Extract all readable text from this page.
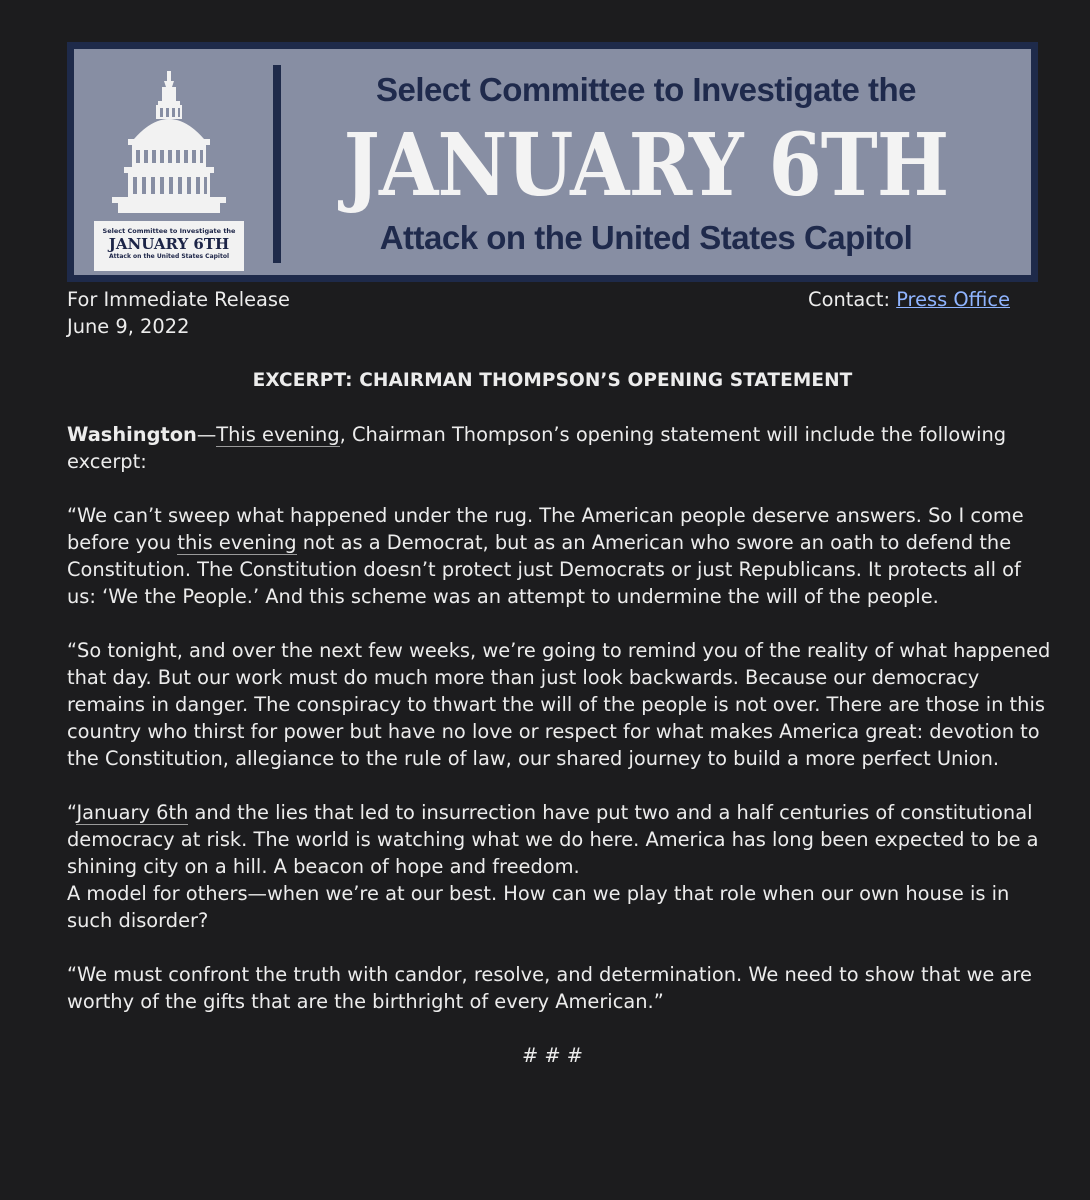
Select Committee to Investigate the
JANUARY 6TH
Attack on the United States Capitol
Select Committee to Investigate the
JANUARY 6TH
Attack on the United States Capitol
For Immediate Release
June 9, 2022
Contact: Press Office
EXCERPT: CHAIRMAN THOMPSON’S OPENING STATEMENT

Washington—This evening, Chairman Thompson’s opening statement will include the following excerpt:

“We can’t sweep what happened under the rug. The American people deserve answers. So I come before you this evening not as a Democrat, but as an American who swore an oath to defend the Constitution. The Constitution doesn’t protect just Democrats or just Republicans. It protects all of us: ‘We the People.’ And this scheme was an attempt to undermine the will of the people.

“So tonight, and over the next few weeks, we’re going to remind you of the reality of what happened that day. But our work must do much more than just look backwards. Because our democracy remains in danger. The conspiracy to thwart the will of the people is not over. There are those in this country who thirst for power but have no love or respect for what makes America great: devotion to the Constitution, allegiance to the rule of law, our shared journey to build a more perfect Union.

“January 6th and the lies that led to insurrection have put two and a half centuries of constitutional democracy at risk. The world is watching what we do here. America has long been expected to be a shining city on a hill. A beacon of hope and freedom.
A model for others—when we’re at our best. How can we play that role when our own house is in such disorder?

“We must confront the truth with candor, resolve, and determination. We need to show that we are worthy of the gifts that are the birthright of every American.”

# # #
